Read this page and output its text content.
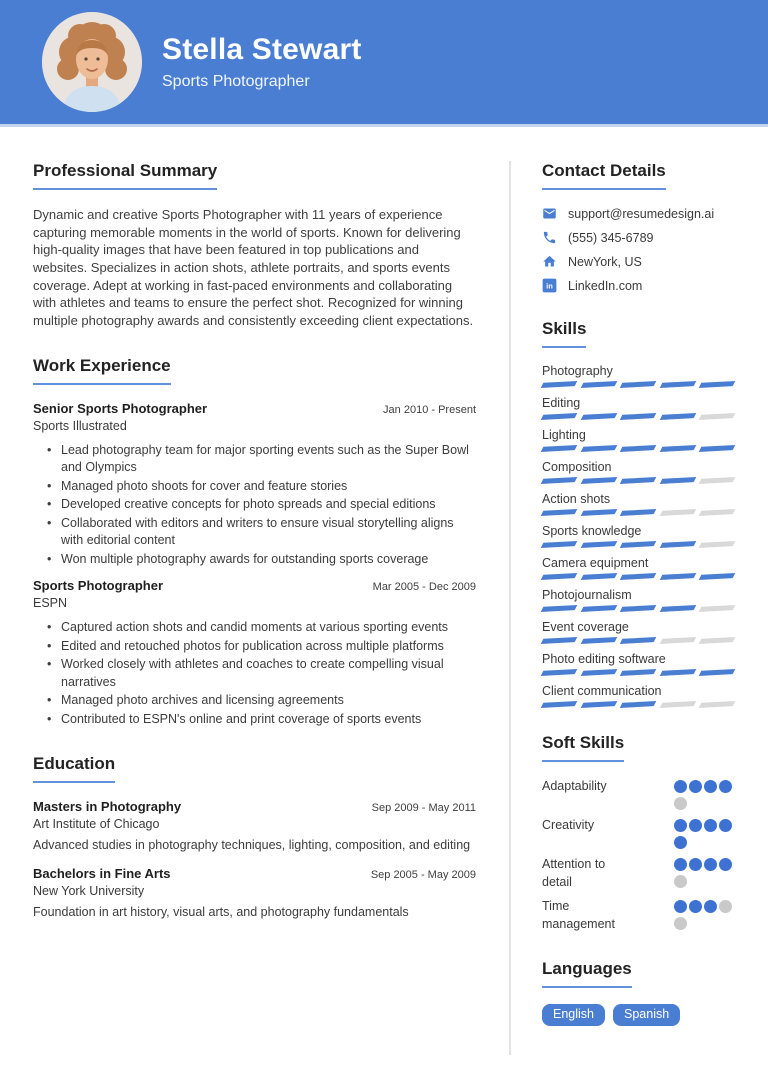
Stella Stewart
Sports Photographer
Professional Summary

Dynamic and creative Sports Photographer with 11 years of experience capturing memorable moments in the world of sports. Known for delivering high-quality images that have been featured in top publications and websites. Specializes in action shots, athlete portraits, and sports events coverage. Adept at working in fast-paced environments and collaborating with athletes and teams to ensure the perfect shot. Recognized for winning multiple photography awards and consistently exceeding client expectations.

Work Experience
Senior Sports Photographer	Jan 2010 - Present
Sports Illustrated
• Lead photography team for major sporting events such as the Super Bowl and Olympics
• Managed photo shoots for cover and feature stories
• Developed creative concepts for photo spreads and special editions
• Collaborated with editors and writers to ensure visual storytelling aligns with editorial content
• Won multiple photography awards for outstanding sports coverage
Sports Photographer	Mar 2005 - Dec 2009
ESPN
• Captured action shots and candid moments at various sporting events
• Edited and retouched photos for publication across multiple platforms
• Worked closely with athletes and coaches to create compelling visual narratives
• Managed photo archives and licensing agreements
• Contributed to ESPN's online and print coverage of sports events
Education
Masters in Photography	Sep 2009 - May 2011
Art Institute of Chicago

Advanced studies in photography techniques, lighting, composition, and editing

Bachelors in Fine Arts	Sep 2005 - May 2009
New York University

Foundation in art history, visual arts, and photography fundamentals

Contact Details
support@resumedesign.ai
(555) 345-6789
NewYork, US
in LinkedIn.com
Skills
Photography
Editing
Lighting
Composition
Action shots
Sports knowledge
Camera equipment
Photojournalism
Event coverage
Photo editing software
Client communication
Soft Skills
Adaptability
Creativity
Attention to detail
Time management
Languages
English	Spanish
